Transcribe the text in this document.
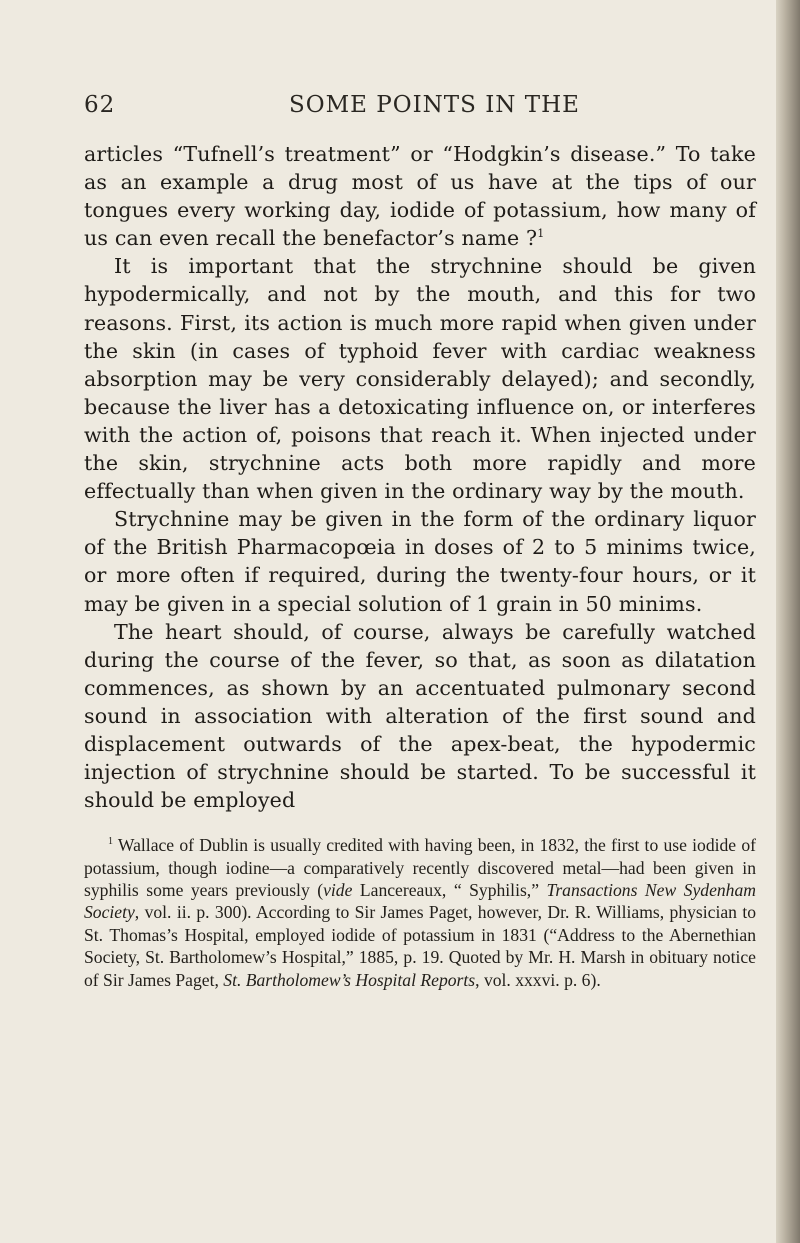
62	SOME POINTS IN THE

articles “Tufnell’s treatment” or “Hodgkin’s disease.” To take as an example a drug most of us have at the tips of our tongues every working day, iodide of potassium, how many of us can even recall the benefactor’s name ?$^1$

It is important that the strychnine should be given hypodermically, and not by the mouth, and this for two reasons. First, its action is much more rapid when given under the skin (in cases of typhoid fever with cardiac weakness absorption may be very considerably delayed); and secondly, because the liver has a detoxicating influence on, or interferes with the action of, poisons that reach it. When injected under the skin, strychnine acts both more rapidly and more effectually than when given in the ordinary way by the mouth.

Strychnine may be given in the form of the ordinary liquor of the British Pharmacopœia in doses of 2 to 5 minims twice, or more often if required, during the twenty-four hours, or it may be given in a special solution of 1 grain in 50 minims.

The heart should, of course, always be carefully watched during the course of the fever, so that, as soon as dilatation commences, as shown by an accentuated pulmonary second sound in association with alteration of the first sound and displacement outwards of the apex-beat, the hypodermic injection of strychnine should be started. To be successful it should be employed

$^1$ Wallace of Dublin is usually credited with having been, in 1832, the first to use iodide of potassium, though iodine—a comparatively recently discovered metal—had been given in syphilis some years previously (vide Lancereaux, “ Syphilis,” Transactions New Sydenham Society, vol. ii. p. 300). According to Sir James Paget, however, Dr. R. Williams, physician to St. Thomas’s Hospital, employed iodide of potassium in 1831 (“Address to the Abernethian Society, St. Bartholomew’s Hospital,” 1885, p. 19. Quoted by Mr. H. Marsh in obituary notice of Sir James Paget, St. Bartholomew’s Hospital Reports, vol. xxxvi. p. 6).
